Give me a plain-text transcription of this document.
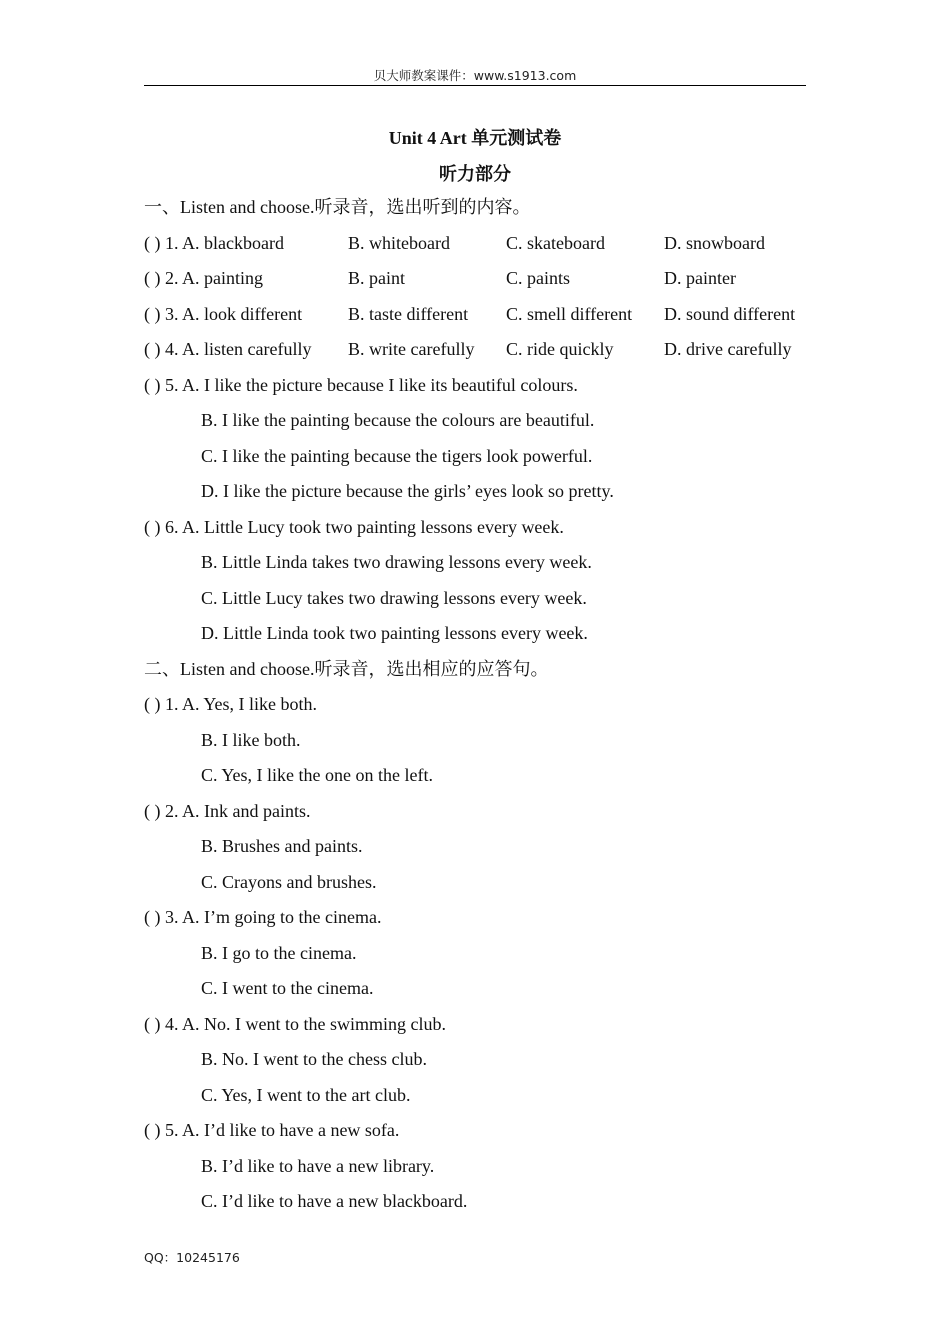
贝大师教案课件：www.s1913.com
Unit 4 Art 单元测试卷
听力部分
一、Listen and choose.听录音，选出听到的内容。
( ) 1. A. blackboard	B. whiteboard	C. skateboard	D. snowboard
( ) 2. A. painting	B. paint	C. paints	D. painter
( ) 3. A. look different	B. taste different	C. smell different	D. sound different
( ) 4. A. listen carefully	B. write carefully	C. ride quickly	D. drive carefully
( ) 5. A. I like the picture because I like its beautiful colours.
B. I like the painting because the colours are beautiful.
C. I like the painting because the tigers look powerful.
D. I like the picture because the girls’ eyes look so pretty.
( ) 6. A. Little Lucy took two painting lessons every week.
B. Little Linda takes two drawing lessons every week.
C. Little Lucy takes two drawing lessons every week.
D. Little Linda took two painting lessons every week.
二、Listen and choose.听录音，选出相应的应答句。
( ) 1. A. Yes, I like both.
B. I like both.
C. Yes, I like the one on the left.
( ) 2. A. Ink and paints.
B. Brushes and paints.
C. Crayons and brushes.
( ) 3. A. I’m going to the cinema.
B. I go to the cinema.
C. I went to the cinema.
( ) 4. A. No. I went to the swimming club.
B. No. I went to the chess club.
C. Yes, I went to the art club.
( ) 5. A. I’d like to have a new sofa.
B. I’d like to have a new library.
C. I’d like to have a new blackboard.
QQ：10245176
